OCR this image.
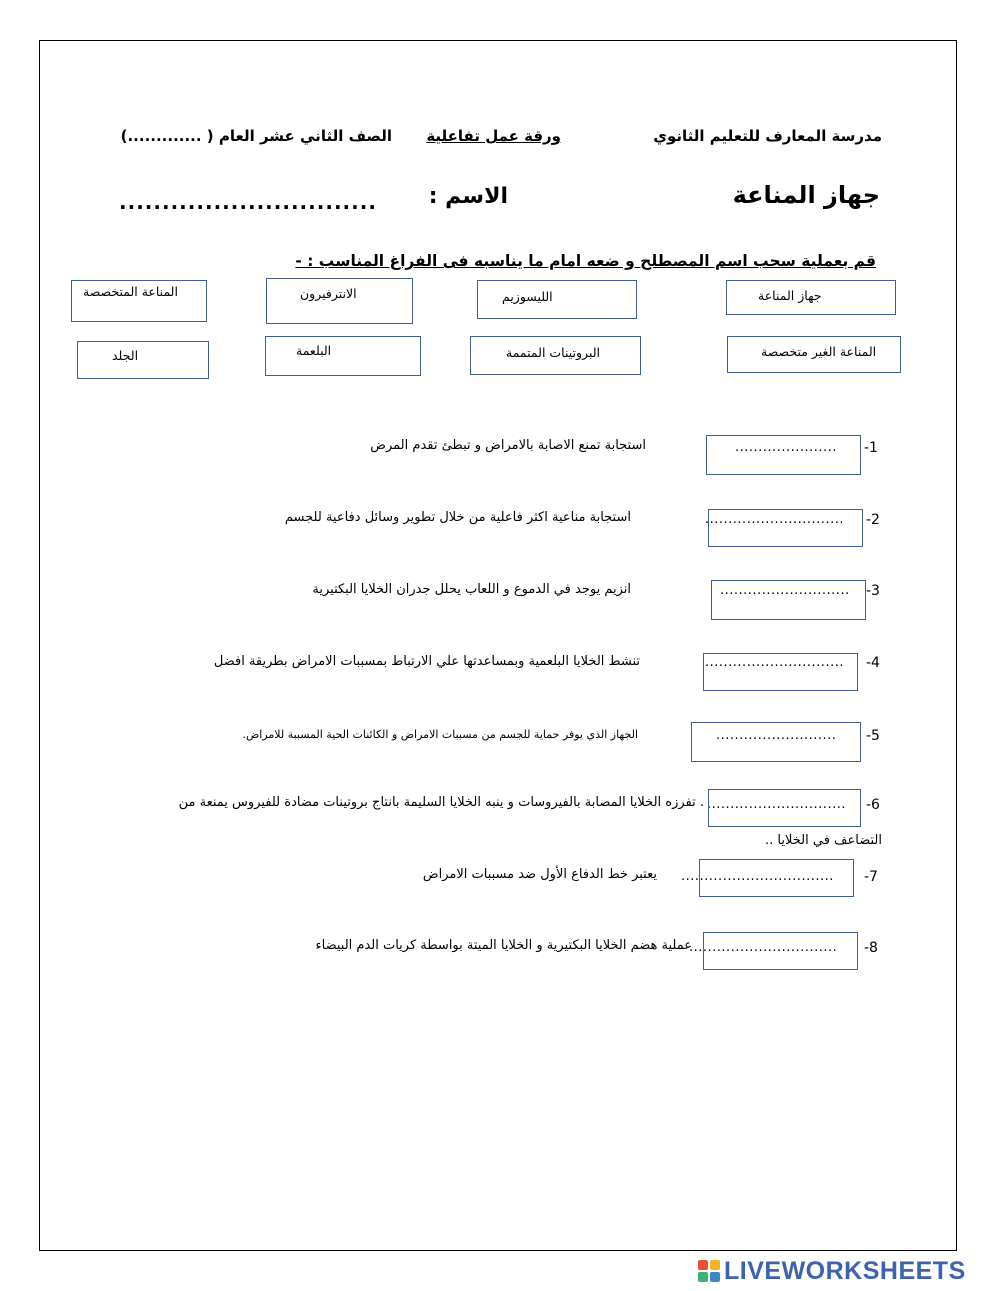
مدرسة المعارف للتعليم الثانوي
ورقة عمل تفاعلية
الصف الثاني عشر العام ( .............)
جهاز المناعة
الاسم :
..............................
قم بعملية سحب اسم المصطلح و ضعه امام ما يناسبه فى الفراغ المناسب : -
المناعة المتخصصة	الانترفيرون	الليسوزيم	جهاز المناعة
الجلد	البلعمة	البروتينات المتممة	المناعة الغير متخصصة
-1
......................
استجابة تمنع الاصابة بالامراض و تبطئ تقدم المرض
-2
..............................
استجابة مناعية اكثر فاعلية من خلال تطوير وسائل دفاعية للجسم
-3
............................
انزيم يوجد في الدموع و اللعاب يحلل جدران الخلايا البكتيرية
-4
..............................
تنشط الخلايا البلعمية وبمساعدتها علي الارتباط بمسببات الامراض بطريقة افضل
-5
..........................
الجهاز الذي يوفر حماية للجسم من مسببات الامراض و الكائنات الحية المسببة للامراض.
-6
..............................
. تفرزه الخلايا المصابة بالفيروسات و ينبه الخلايا السليمة بانتاج بروتينات مضادة للفيروس يمنعة من
التضاعف في الخلايا ..
-7
.................................
يعتبر خط الدفاع الأول ضد مسببات الامراض
-8
................................
عملية هضم الخلايا البكتيرية و الخلايا الميتة بواسطة كريات الدم البيضاء
LIVEWORKSHEETS
